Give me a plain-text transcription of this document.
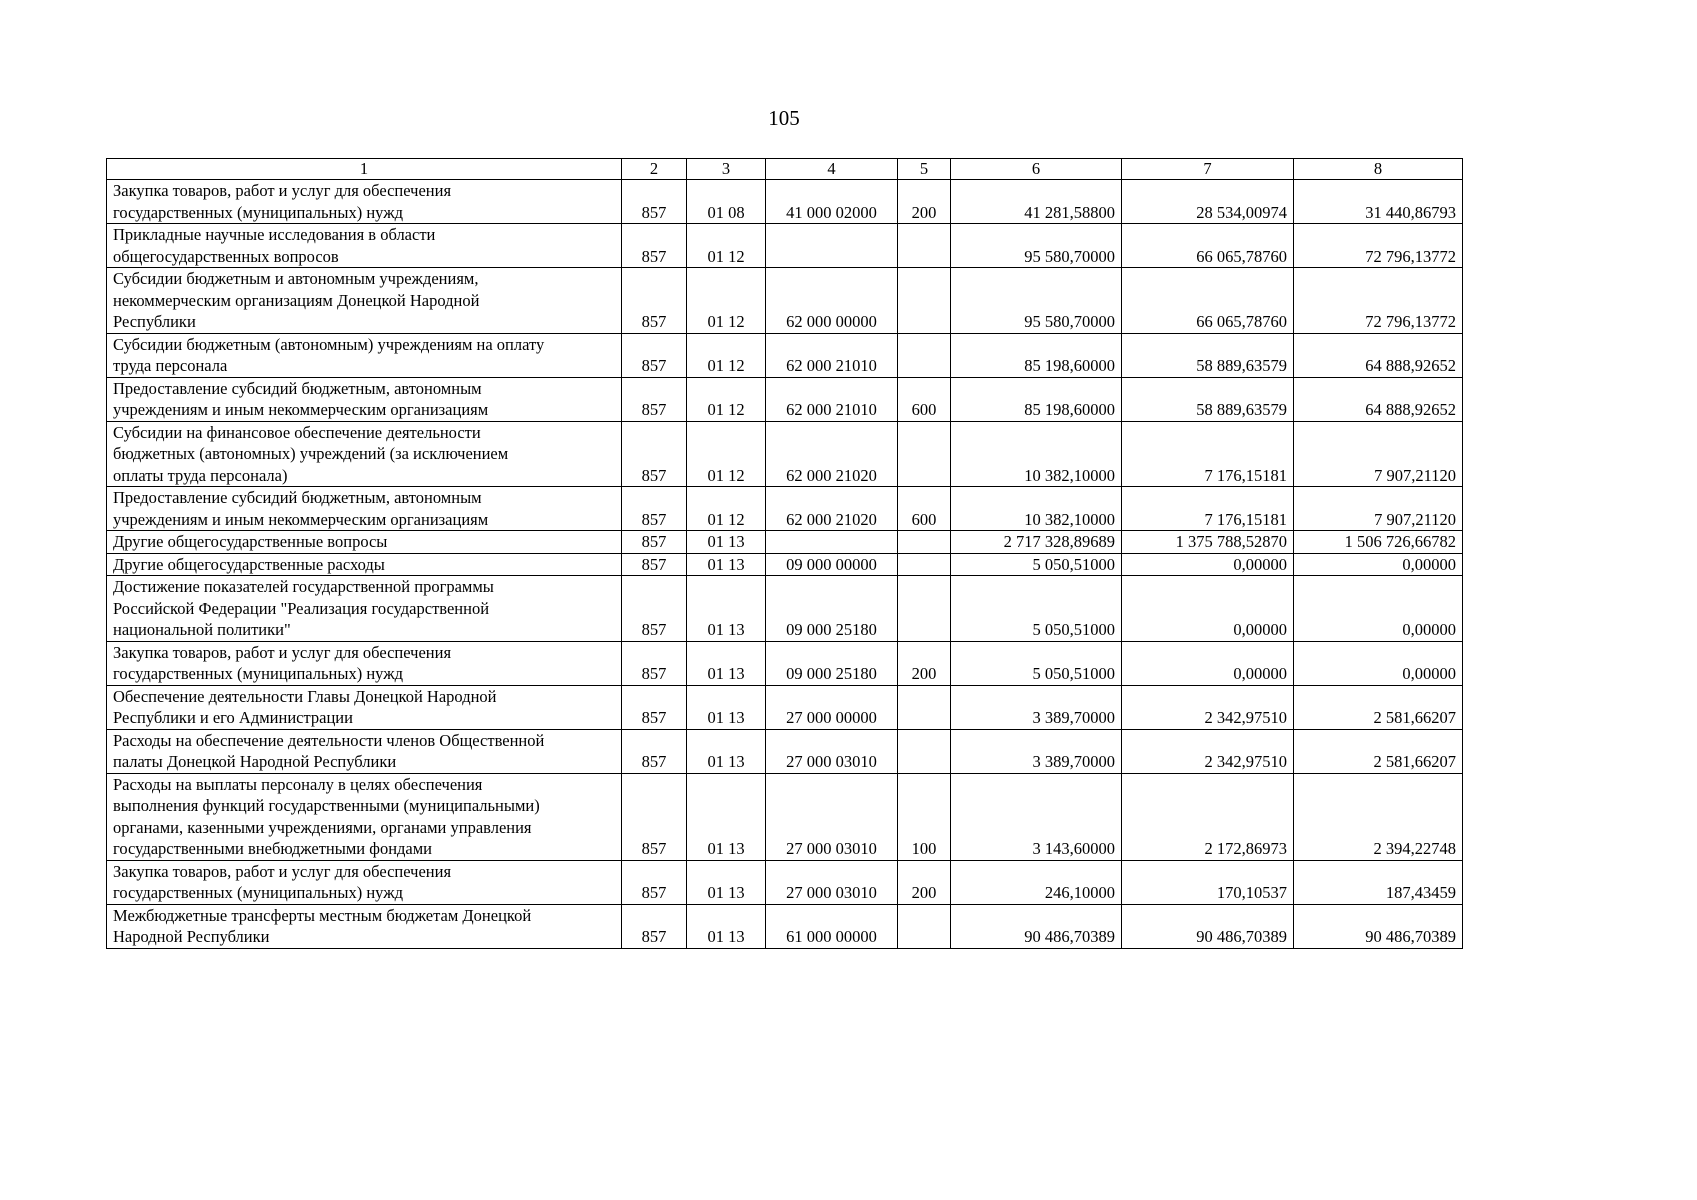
105
1	2	3	4	5	6	7	8

Закупка товаров, работ и услуг для обеспечения
государственных (муниципальных) нужд	857	01 08	41 000 02000	200	41 281,58800	28 534,00974	31 440,86793

Прикладные научные исследования в области
общегосударственных вопросов	857	01 12			95 580,70000	66 065,78760	72 796,13772

Субсидии бюджетным и автономным учреждениям,
некоммерческим организациям Донецкой Народной
Республики	857	01 12	62 000 00000		95 580,70000	66 065,78760	72 796,13772

Субсидии бюджетным (автономным) учреждениям на оплату
труда персонала	857	01 12	62 000 21010		85 198,60000	58 889,63579	64 888,92652

Предоставление субсидий бюджетным, автономным
учреждениям и иным некоммерческим организациям	857	01 12	62 000 21010	600	85 198,60000	58 889,63579	64 888,92652

Субсидии на финансовое обеспечение деятельности
бюджетных (автономных) учреждений (за исключением
оплаты труда персонала)	857	01 12	62 000 21020		10 382,10000	7 176,15181	7 907,21120

Предоставление субсидий бюджетным, автономным
учреждениям и иным некоммерческим организациям	857	01 12	62 000 21020	600	10 382,10000	7 176,15181	7 907,21120

Другие общегосударственные вопросы	857	01 13			2 717 328,89689	1 375 788,52870	1 506 726,66782

Другие общегосударственные расходы	857	01 13	09 000 00000		5 050,51000	0,00000	0,00000

Достижение показателей государственной программы
Российской Федерации "Реализация государственной
национальной политики"	857	01 13	09 000 25180		5 050,51000	0,00000	0,00000

Закупка товаров, работ и услуг для обеспечения
государственных (муниципальных) нужд	857	01 13	09 000 25180	200	5 050,51000	0,00000	0,00000

Обеспечение деятельности Главы Донецкой Народной
Республики и его Администрации	857	01 13	27 000 00000		3 389,70000	2 342,97510	2 581,66207

Расходы на обеспечение деятельности членов Общественной
палаты Донецкой Народной Республики	857	01 13	27 000 03010		3 389,70000	2 342,97510	2 581,66207

Расходы на выплаты персоналу в целях обеспечения
выполнения функций государственными (муниципальными)
органами, казенными учреждениями, органами управления
государственными внебюджетными фондами	857	01 13	27 000 03010	100	3 143,60000	2 172,86973	2 394,22748

Закупка товаров, работ и услуг для обеспечения
государственных (муниципальных) нужд	857	01 13	27 000 03010	200	246,10000	170,10537	187,43459

Межбюджетные трансферты местным бюджетам Донецкой
Народной Республики	857	01 13	61 000 00000		90 486,70389	90 486,70389	90 486,70389
